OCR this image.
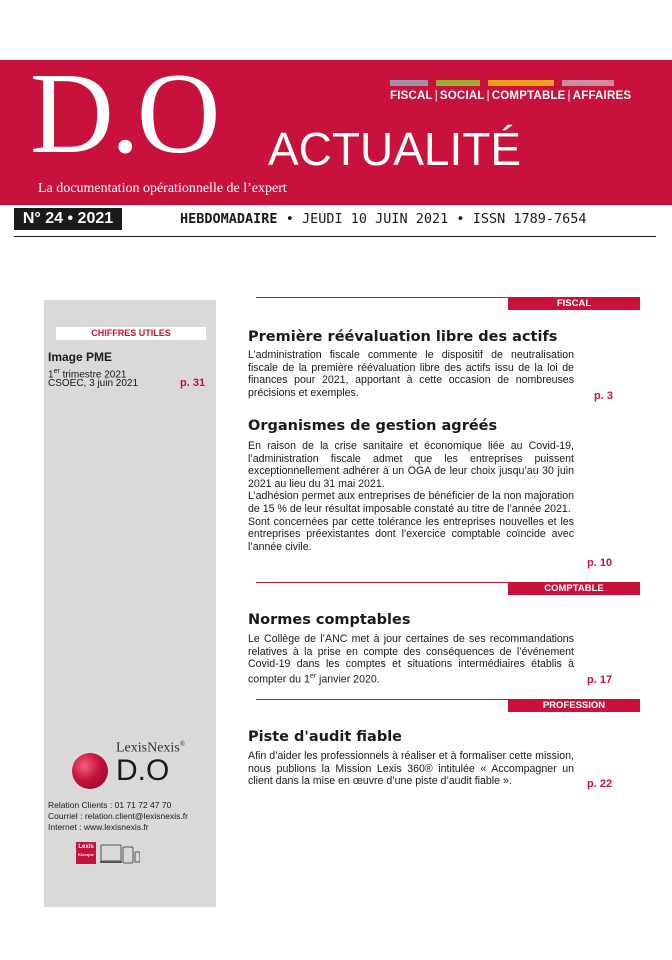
D.O ACTUALITÉ
FISCAL | SOCIAL | COMPTABLE | AFFAIRES
La documentation opérationnelle de l’expert
N° 24 • 2021	HEBDOMADAIRE • JEUDI 10 JUIN 2021 • ISSN 1789-7654
CHIFFRES UTILES
Image PME
1er trimestre 2021
CSOEC, 3 juin 2021	p. 31
LexisNexis®
D.O
Relation Clients : 01 71 72 47 70
Courriel : relation.client@lexisnexis.fr
Internet : www.lexisnexis.fr
Lexis
Kiosque
FISCAL
Première réévaluation libre des actifs

L’administration fiscale commente le dispositif de neutralisation fiscale de la première réévaluation libre des actifs issu de la loi de finances pour 2021, apportant à cette occasion de nombreuses précisions et exemples.	p. 3
Organismes de gestion agréés

En raison de la crise sanitaire et économique liée au Covid-19, l’administration fiscale admet que les entreprises puissent exceptionnellement adhérer à un OGA de leur choix jusqu’au 30 juin 2021 au lieu du 31 mai 2021.

L’adhésion permet aux entreprises de bénéficier de la non majoration de 15 % de leur résultat imposable constaté au titre de l’année 2021.

Sont concernées par cette tolérance les entreprises nouvelles et les entreprises préexistantes dont l’exercice comptable coïncide avec l’année civile.

p. 10
COMPTABLE
Normes comptables

Le Collège de l’ANC met à jour certaines de ses recommandations relatives à la prise en compte des conséquences de l’événement Covid-19 dans les comptes et situations intermédiaires établis à compter du 1er janvier 2020.	p. 17
PROFESSION
Piste d'audit fiable

Afin d’aider les professionnels à réaliser et à formaliser cette mission, nous publions la Mission Lexis 360® intitulée « Accompagner un client dans la mise en œuvre d’une piste d’audit fiable ».	p. 22
